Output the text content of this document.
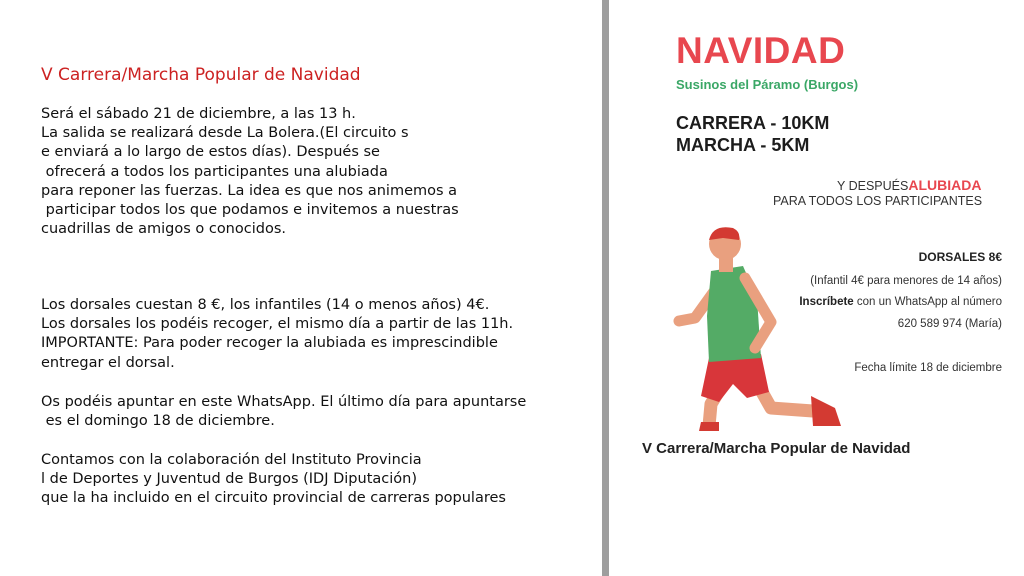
V Carrera/Marcha Popular de Navidad

Será el sábado 21 de diciembre, a las 13 h.
La salida se realizará desde La Bolera.(El circuito s
e enviará a lo largo de estos días). Después se
ofrecerá a todos los participantes una alubiada
para reponer las fuerzas. La idea es que nos animemos a
participar todos los que podamos e invitemos a nuestras
cuadrillas de amigos o conocidos.

Los dorsales cuestan 8 €, los infantiles (14 o menos años) 4€.
Los dorsales los podéis recoger, el mismo día a partir de las 11h.
IMPORTANTE: Para poder recoger la alubiada es imprescindible
entregar el dorsal.

Os podéis apuntar en este WhatsApp. El último día para apuntarse
es el domingo 18 de diciembre.

Contamos con la colaboración del Instituto Provincia
l de Deportes y Juventud de Burgos (IDJ Diputación)
que la ha incluido en el circuito provincial de carreras populares

NAVIDAD
Susinos del Páramo (Burgos)
CARRERA - 10KM
MARCHA - 5KM
Y DESPUÉSALUBIADA
PARA TODOS LOS PARTICIPANTES
DORSALES 8€
(Infantil 4€ para menores de 14 años)
Inscríbete con un WhatsApp al número
620 589 974 (María)
Fecha límite 18 de diciembre
V Carrera/Marcha Popular de Navidad
